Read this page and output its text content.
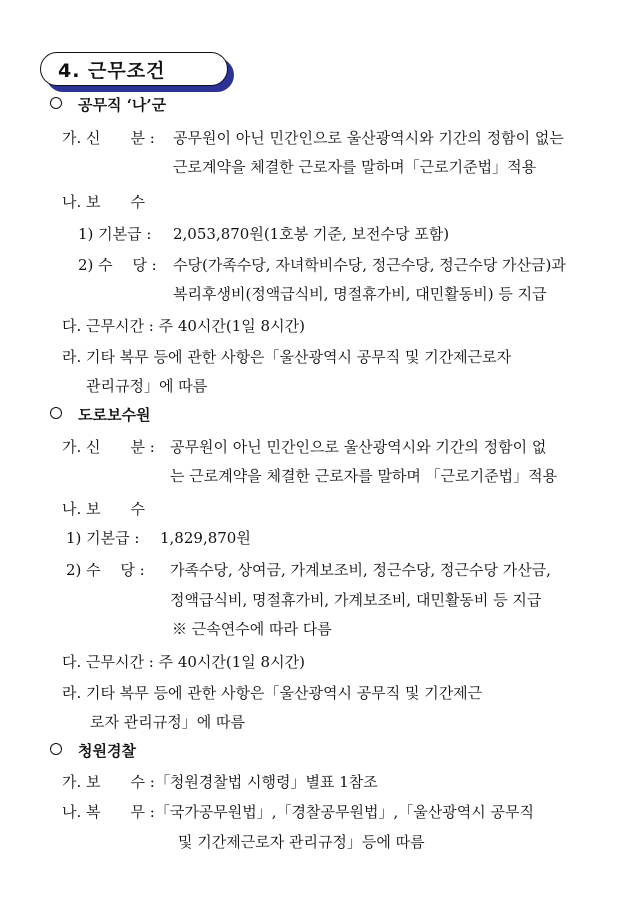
4. 근무조건
공무직 ‘나’군
가. 신　　분 : 공무원이 아닌 민간인으로 울산광역시와 기간의 정함이 없는
근로계약을 체결한 근로자를 말하며「근로기준법」적용
나. 보　　수
1) 기본급 : 2,053,870원(1호봉 기준, 보전수당 포함)
2) 수　 당 : 수당(가족수당, 자녀학비수당, 정근수당, 정근수당 가산금)과
복리후생비(정액급식비, 명절휴가비, 대민활동비) 등 지급
다. 근무시간 : 주 40시간(1일 8시간)
라. 기타 복무 등에 관한 사항은「울산광역시 공무직 및 기간제근로자
관리규정」에 따름
도로보수원
가. 신　　분 : 공무원이 아닌 민간인으로 울산광역시와 기간의 정함이 없
는 근로계약을 체결한 근로자를 말하며 「근로기준법」적용
나. 보　　수
1) 기본급 : 1,829,870원
2) 수　 당 : 가족수당, 상여금, 가계보조비, 정근수당, 정근수당 가산금,
정액급식비, 명절휴가비, 가계보조비, 대민활동비 등 지급
※ 근속연수에 따라 다름
다. 근무시간 : 주 40시간(1일 8시간)
라. 기타 복무 등에 관한 사항은「울산광역시 공무직 및 기간제근
로자 관리규정」에 따름
청원경찰
가. 보　　수 :「청원경찰법 시행령」별표 1참조
나. 복　　무 :「국가공무원법」,「경찰공무원법」,「울산광역시 공무직
및 기간제근로자 관리규정」등에 따름
